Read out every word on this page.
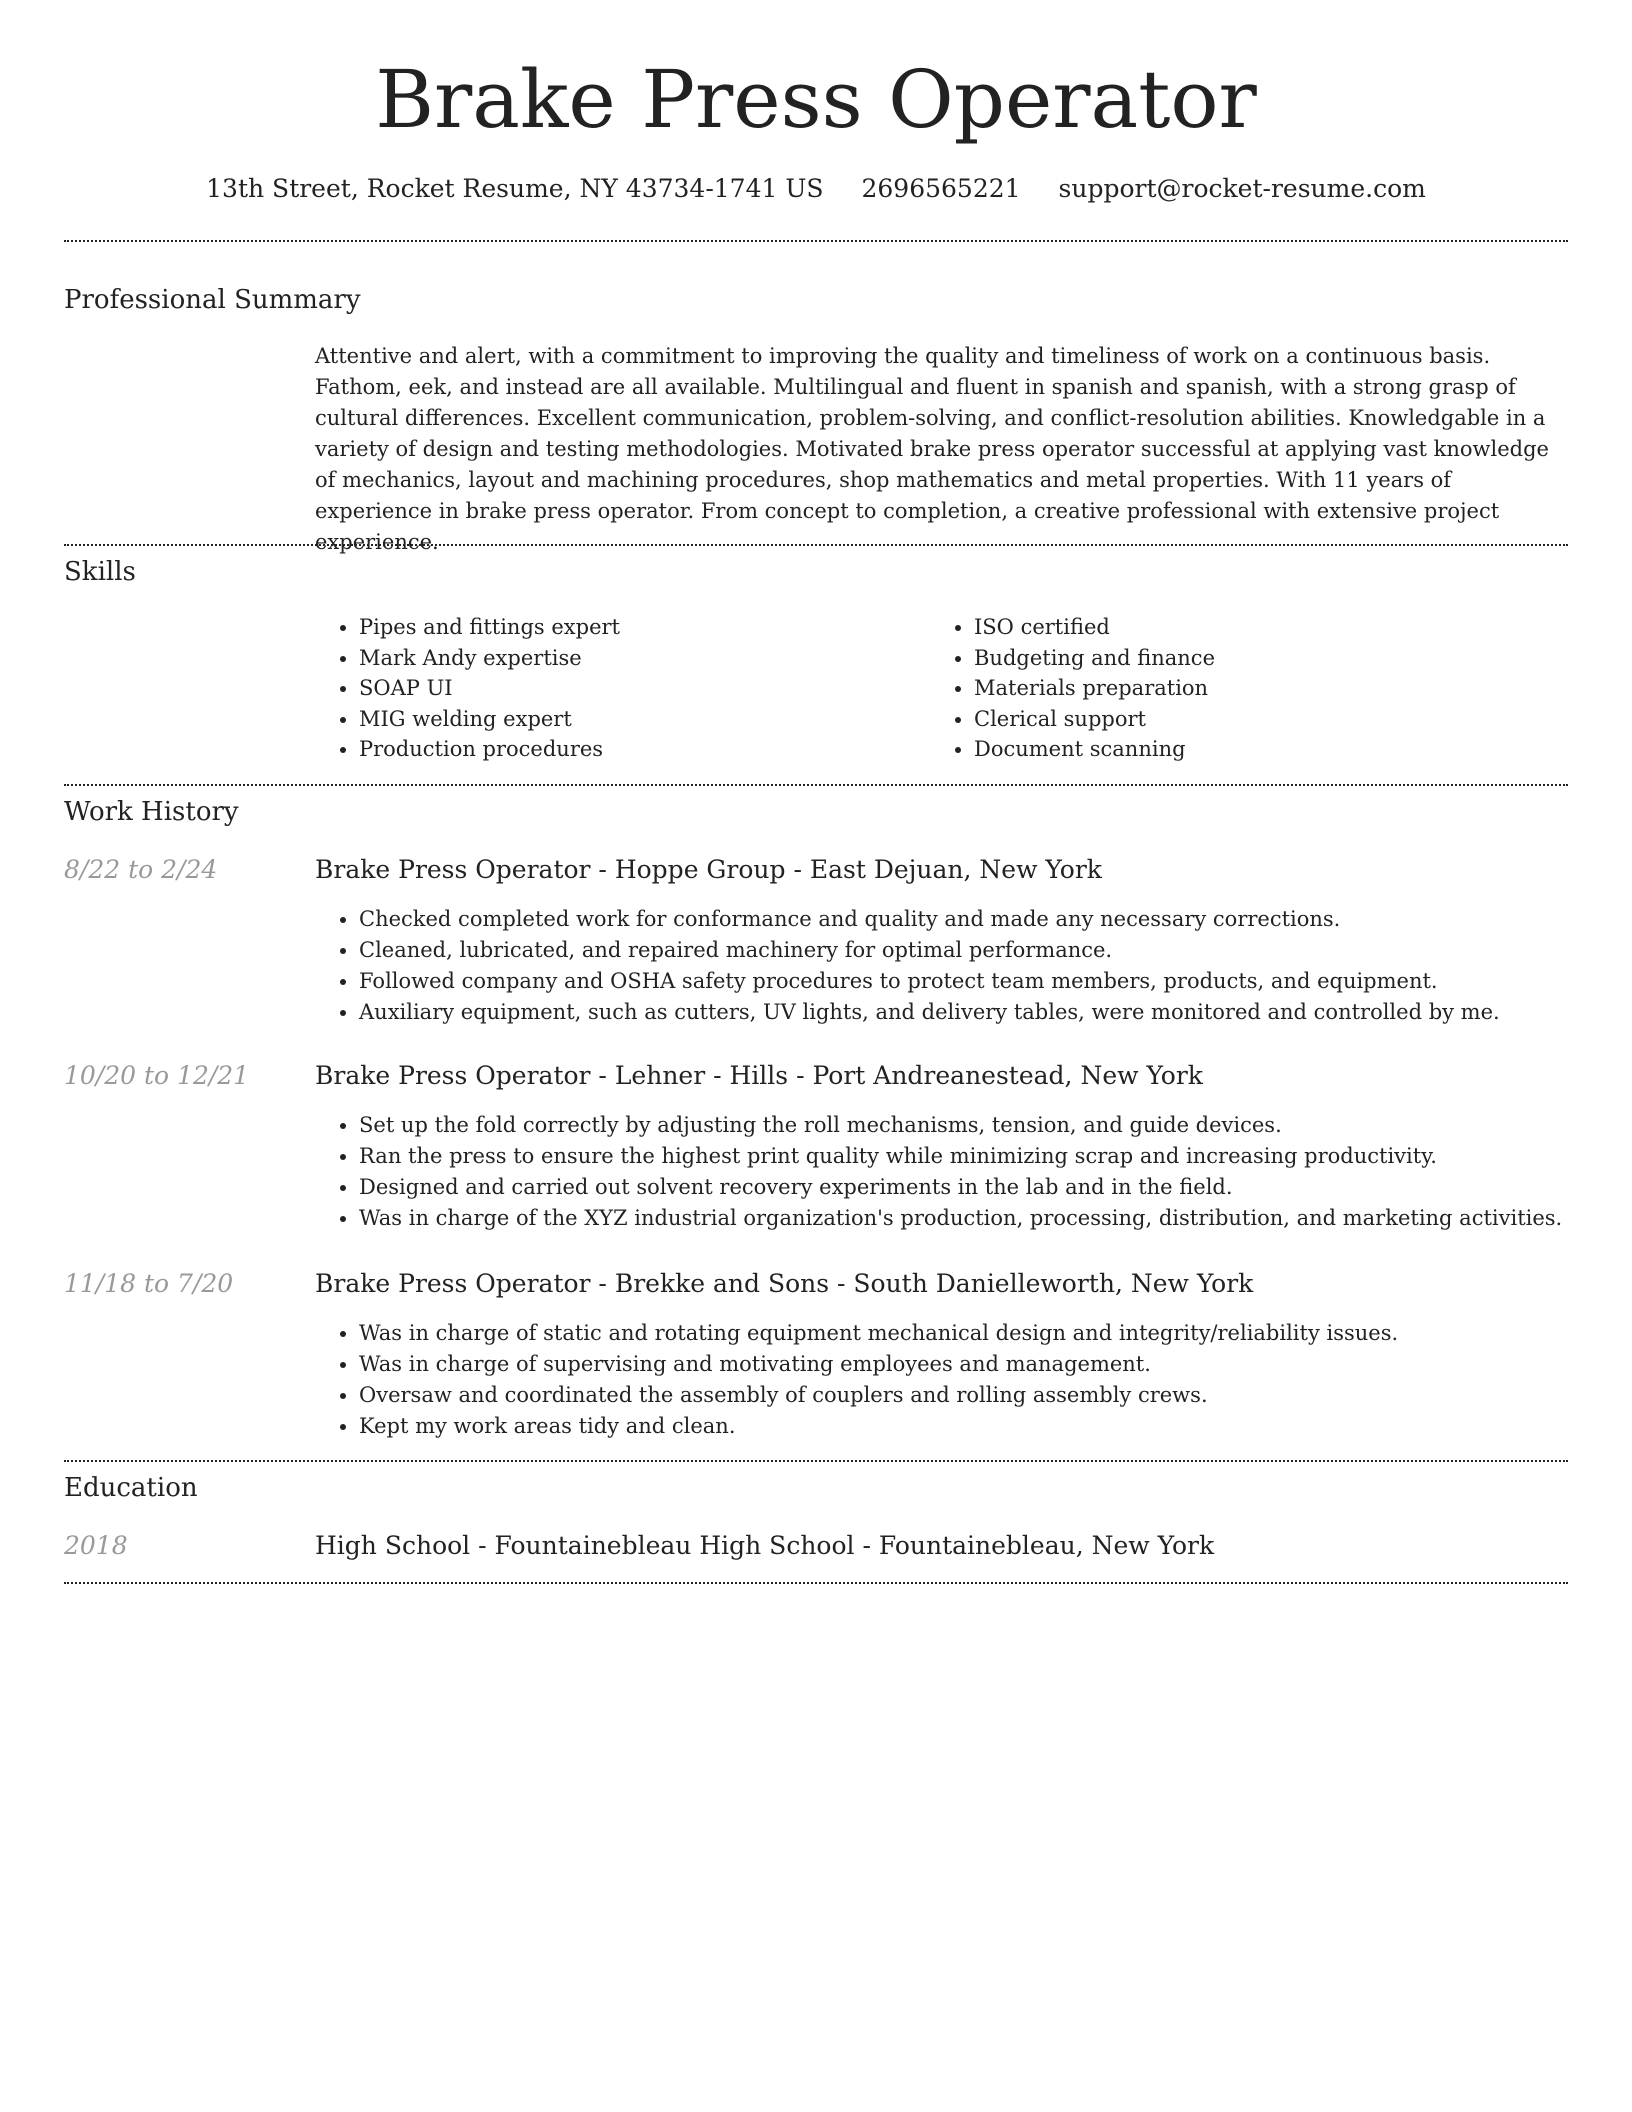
Brake Press Operator
13th Street, Rocket Resume, NY 43734-1741 US 2696565221 support@rocket-resume.com
Professional Summary

Attentive and alert, with a commitment to improving the quality and timeliness of work on a continuous basis. Fathom, eek, and instead are all available. Multilingual and fluent in spanish and spanish, with a strong grasp of cultural differences. Excellent communication, problem-solving, and conflict-resolution abilities. Knowledgable in a variety of design and testing methodologies. Motivated brake press operator successful at applying vast knowledge of mechanics, layout and machining procedures, shop mathematics and metal properties. With 11 years of experience in brake press operator. From concept to completion, a creative professional with extensive project experience.

Skills
• Pipes and fittings expert
• Mark Andy expertise
• SOAP UI
• MIG welding expert
• Production procedures
• ISO certified
• Budgeting and finance
• Materials preparation
• Clerical support
• Document scanning
Work History
8/22 to 2/24	Brake Press Operator - Hoppe Group - East Dejuan, New York
• Checked completed work for conformance and quality and made any necessary corrections.
• Cleaned, lubricated, and repaired machinery for optimal performance.
• Followed company and OSHA safety procedures to protect team members, products, and equipment.
• Auxiliary equipment, such as cutters, UV lights, and delivery tables, were monitored and controlled by me.
10/20 to 12/21	Brake Press Operator - Lehner - Hills - Port Andreanestead, New York
• Set up the fold correctly by adjusting the roll mechanisms, tension, and guide devices.
• Ran the press to ensure the highest print quality while minimizing scrap and increasing productivity.
• Designed and carried out solvent recovery experiments in the lab and in the field.
• Was in charge of the XYZ industrial organization's production, processing, distribution, and marketing activities.
11/18 to 7/20	Brake Press Operator - Brekke and Sons - South Danielleworth, New York
• Was in charge of static and rotating equipment mechanical design and integrity/reliability issues.
• Was in charge of supervising and motivating employees and management.
• Oversaw and coordinated the assembly of couplers and rolling assembly crews.
• Kept my work areas tidy and clean.
Education
2018	High School - Fountainebleau High School - Fountainebleau, New York
